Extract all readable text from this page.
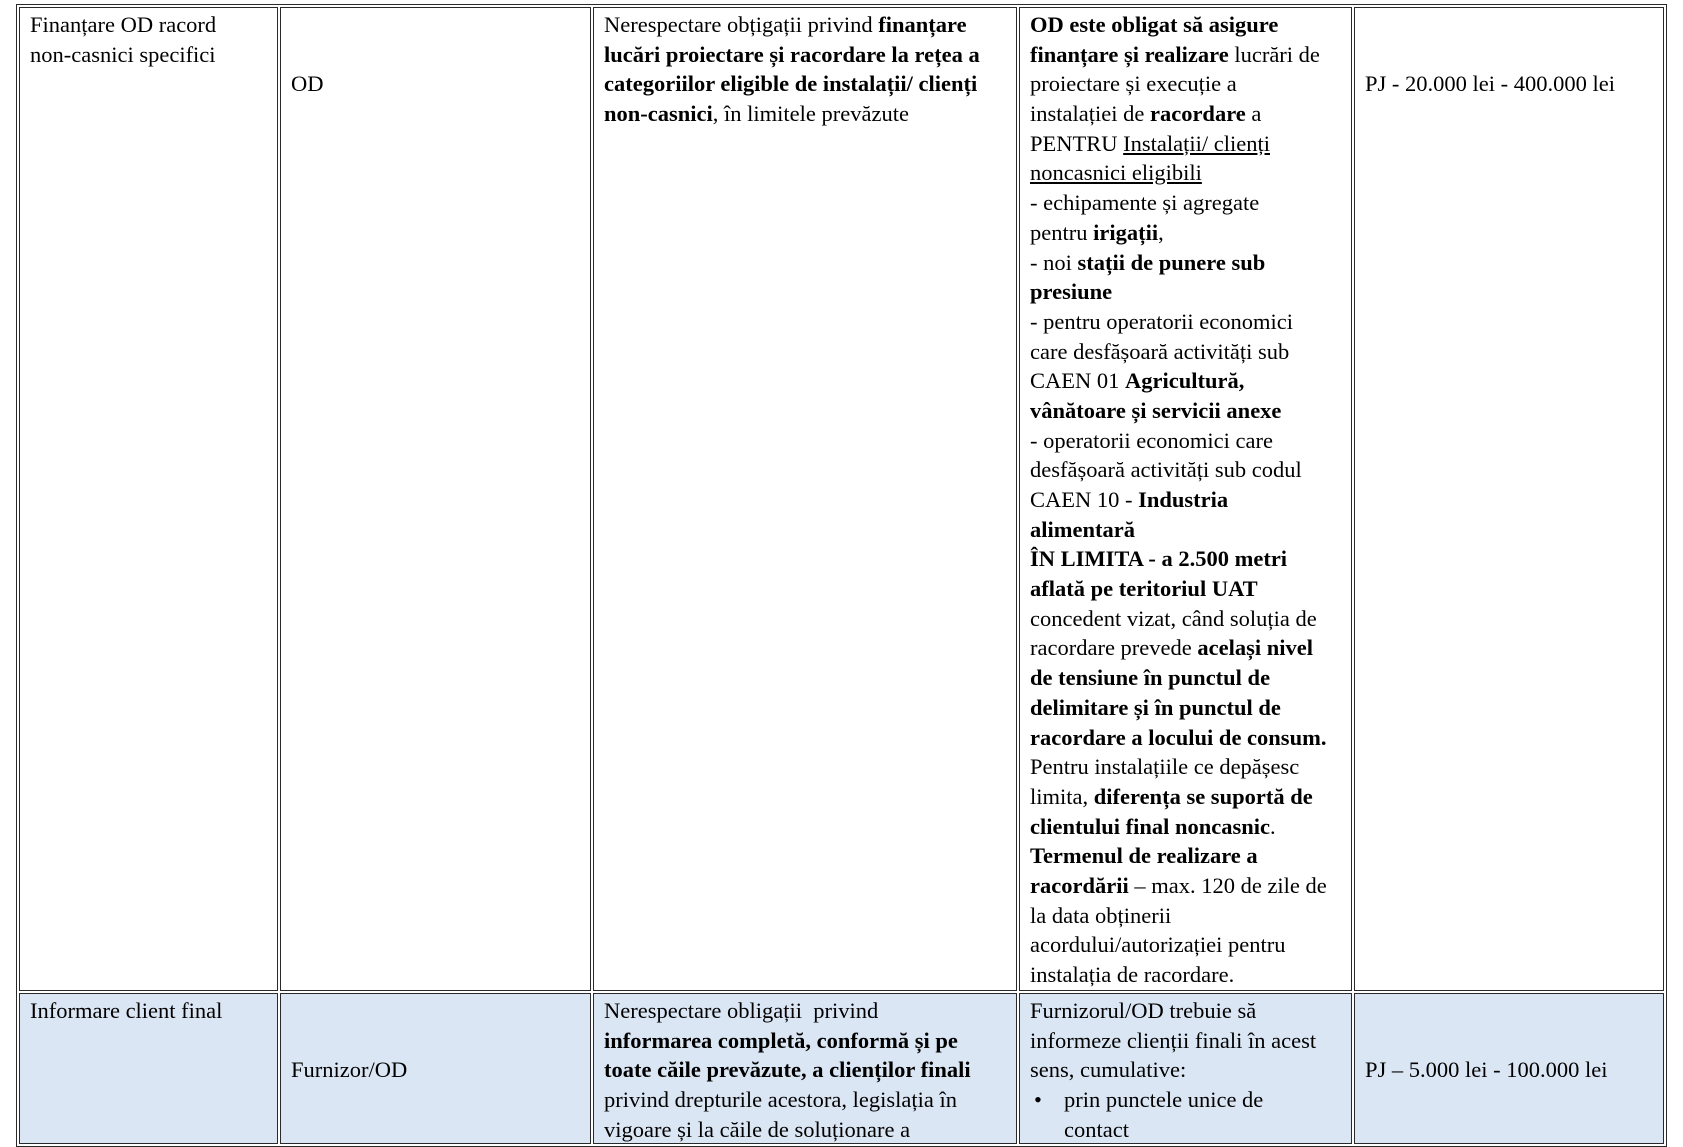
Finanțare OD racord
non-casnici specifici

OD

Nerespectare obțigații privind finanțare
lucări proiectare și racordare la rețea a
categoriilor eligible de instalații/ clienți
non-casnici, în limitele prevăzute
OD este obligat să asigure
finanțare și realizare lucrări de
proiectare și execuție a
instalației de racordare a
PENTRU Instalații/ clienți
noncasnici eligibili
- echipamente și agregate
pentru irigații,
- noi stații de punere sub
presiune
- pentru operatorii economici
care desfășoară activități sub
CAEN 01 Agricultură,
vânătoare și servicii anexe
- operatorii economici care
desfășoară activități sub codul
CAEN 10 - Industria
alimentară
ÎN LIMITA - a 2.500 metri
aflată pe teritoriul UAT
concedent vizat, când soluția de
racordare prevede același nivel
de tensiune în punctul de
delimitare și în punctul de
racordare a locului de consum.
Pentru instalațiile ce depășesc
limita, diferența se suportă de
clientului final noncasnic.
Termenul de realizare a
racordării – max. 120 de zile de
la data obținerii
acordului/autorizației pentru
instalația de racordare.

PJ - 20.000 lei - 400.000 lei

Informare client final

Furnizor/OD

Nerespectare obligații  privind
informarea completă, conformă și pe
toate căile prevăzute, a clienților finali
privind drepturile acestora, legislația în
vigoare și la căile de soluționare a
Furnizorul/OD trebuie să
informeze clienții finali în acest
sens, cumulative:
• prin punctele unice de
contact

PJ – 5.000 lei - 100.000 lei
